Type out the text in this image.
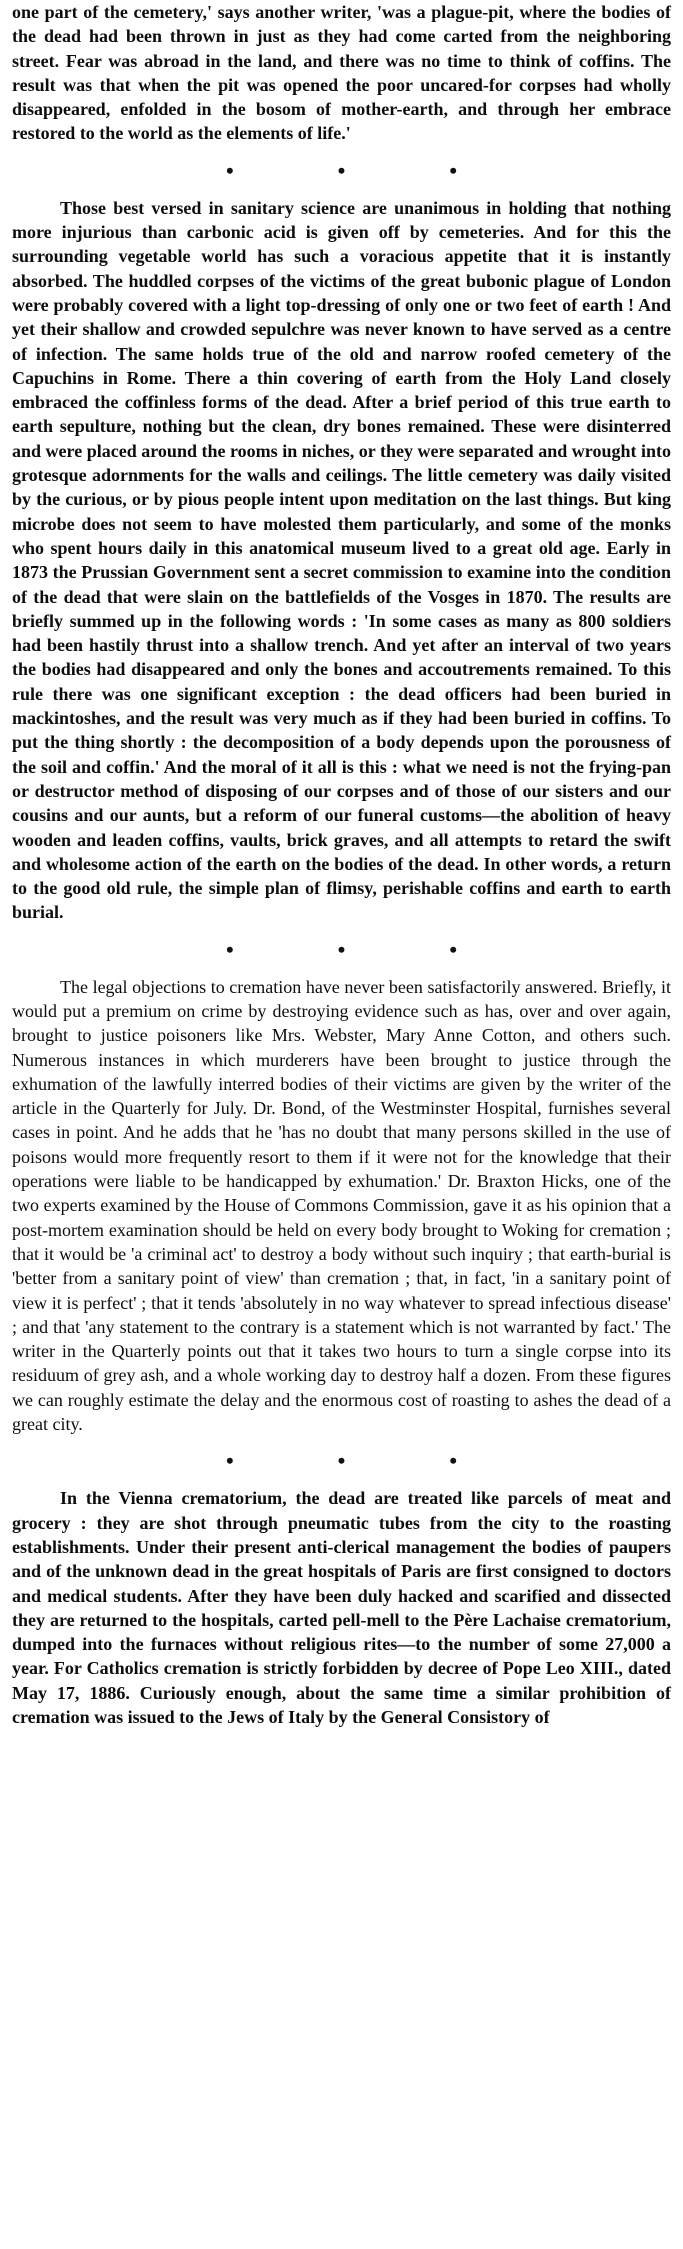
one part of the cemetery,' says another writer, 'was a plague-pit, where the bodies of the dead had been thrown in just as they had come carted from the neighboring street. Fear was abroad in the land, and there was no time to think of coffins. The result was that when the pit was opened the poor uncared-for corpses had wholly disappeared, enfolded in the bosom of mother-earth, and through her embrace restored to the world as the elements of life.'

•	•	•

Those best versed in sanitary science are unanimous in holding that nothing more injurious than carbonic acid is given off by cemeteries. And for this the surrounding vegetable world has such a voracious appetite that it is instantly absorbed. The huddled corpses of the victims of the great bubonic plague of London were probably covered with a light top-dressing of only one or two feet of earth ! And yet their shallow and crowded sepulchre was never known to have served as a centre of infection. The same holds true of the old and narrow roofed cemetery of the Capuchins in Rome. There a thin covering of earth from the Holy Land closely embraced the coffinless forms of the dead. After a brief period of this true earth to earth sepulture, nothing but the clean, dry bones remained. These were disinterred and were placed around the rooms in niches, or they were separated and wrought into grotesque adornments for the walls and ceilings. The little cemetery was daily visited by the curious, or by pious people intent upon meditation on the last things. But king microbe does not seem to have molested them particularly, and some of the monks who spent hours daily in this anatomical museum lived to a great old age. Early in 1873 the Prussian Government sent a secret commission to examine into the condition of the dead that were slain on the battlefields of the Vosges in 1870. The results are briefly summed up in the following words : 'In some cases as many as 800 soldiers had been hastily thrust into a shallow trench. And yet after an interval of two years the bodies had disappeared and only the bones and accoutrements remained. To this rule there was one significant exception : the dead officers had been buried in mackintoshes, and the result was very much as if they had been buried in coffins. To put the thing shortly : the decomposition of a body depends upon the porousness of the soil and coffin.' And the moral of it all is this : what we need is not the frying-pan or destructor method of disposing of our corpses and of those of our sisters and our cousins and our aunts, but a reform of our funeral customs—the abolition of heavy wooden and leaden coffins, vaults, brick graves, and all attempts to retard the swift and wholesome action of the earth on the bodies of the dead. In other words, a return to the good old rule, the simple plan of flimsy, perishable coffins and earth to earth burial.

•	•	•

The legal objections to cremation have never been satisfactorily answered. Briefly, it would put a premium on crime by destroying evidence such as has, over and over again, brought to justice poisoners like Mrs. Webster, Mary Anne Cotton, and others such. Numerous instances in which murderers have been brought to justice through the exhumation of the lawfully interred bodies of their victims are given by the writer of the article in the Quarterly for July. Dr. Bond, of the Westminster Hospital, furnishes several cases in point. And he adds that he 'has no doubt that many persons skilled in the use of poisons would more frequently resort to them if it were not for the knowledge that their operations were liable to be handicapped by exhumation.' Dr. Braxton Hicks, one of the two experts examined by the House of Commons Commission, gave it as his opinion that a post-mortem examination should be held on every body brought to Woking for cremation ; that it would be 'a criminal act' to destroy a body without such inquiry ; that earth-burial is 'better from a sanitary point of view' than cremation ; that, in fact, 'in a sanitary point of view it is perfect' ; that it tends 'absolutely in no way whatever to spread infectious disease' ; and that 'any statement to the contrary is a statement which is not warranted by fact.' The writer in the Quarterly points out that it takes two hours to turn a single corpse into its residuum of grey ash, and a whole working day to destroy half a dozen. From these figures we can roughly estimate the delay and the enormous cost of roasting to ashes the dead of a great city.

•	•	•

In the Vienna crematorium, the dead are treated like parcels of meat and grocery : they are shot through pneumatic tubes from the city to the roasting establishments. Under their present anti-clerical management the bodies of paupers and of the unknown dead in the great hospitals of Paris are first consigned to doctors and medical students. After they have been duly hacked and scarified and dissected they are returned to the hospitals, carted pell-mell to the Père Lachaise crematorium, dumped into the furnaces without religious rites—to the number of some 27,000 a year. For Catholics cremation is strictly forbidden by decree of Pope Leo XIII., dated May 17, 1886. Curiously enough, about the same time a similar prohibition of cremation was issued to the Jews of Italy by the General Consistory of
